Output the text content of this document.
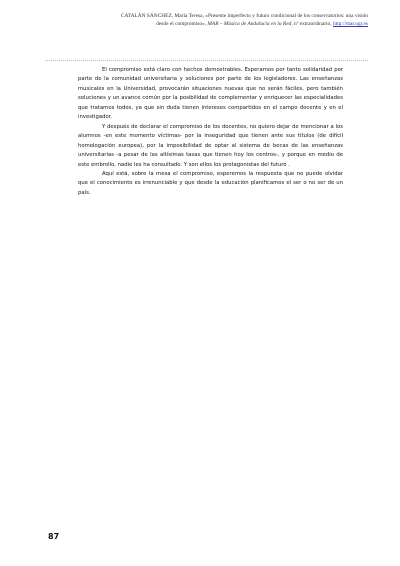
CATALÁN SÁNCHEZ, María Teresa, «Presente imperfecto y futuro condicional de los conservatorios: una visión desde el compromiso», MAR – Música de Andalucía en la Red, nº extraordinario, http://mar.ugr.es

El compromiso está claro con hechos demostrables. Esperamos por tanto solidaridad por parte de la comunidad universitaria y soluciones por parte de los legisladores. Las enseñanzas musicales en la Universidad, provocarán situaciones nuevas que no serán fáciles, pero también soluciones y un avance común por la posibilidad de complementar y enriquecer las especialidades que tratamos todos, ya que sin duda tienen intereses compartidos en el campo docente y en el investigador.

Y después de declarar el compromiso de los docentes, no quiero dejar de mencionar a los alumnos -en este momento víctimas- por la inseguridad que tienen ante sus títulos (de difícil homologación europea), por la imposibilidad de optar al sistema de becas de las enseñanzas universitarias -a pesar de las altísimas tasas que tienen hoy los centros-, y porque en medio de este embrollo, nadie les ha consultado. Y son ellos los protagonistas del futuro .

Aquí está, sobre la mesa el compromiso, esperemos la respuesta que no puede olvidar que el conocimiento es irrenunciable y que desde la educación planificamos el ser o no ser de un país.

87
